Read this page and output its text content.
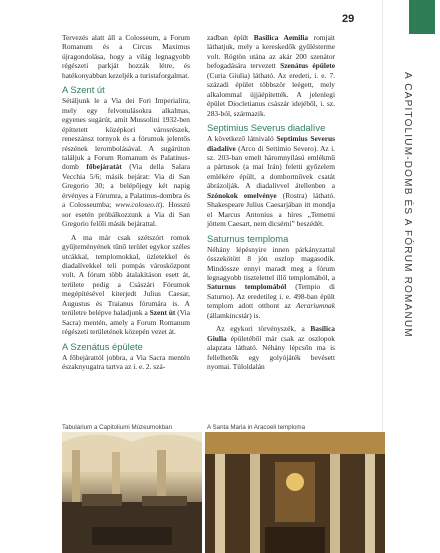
29
A CAPITOLIUM-DOMB ÉS A FÓRUM ROMANUM

Tervezés alatt áll a Colosseum, a Forum Romanum és a Circus Maximus újragondolása, hogy a világ legnagyobb régészeti parkját hozzák létre, és hatékonyabban kezeljék a turistaforgalmat.

A Szent út

Sétáljunk le a Via dei Fori Imperialira, mely egy felvonulásokra alkalmas, egyenes sugárút, amit Mussolini 1932-ben építtetett középkori városrészek, reneszánsz tornyok és a fórumok jelentős részének lerombolásával. A sugárúton találjuk a Forum Romanum és Palatinus-domb főbejáratát (Via della Salara Vecchia 5/6; másik bejárat: Via di San Gregorio 30; a belépőjegy két napig érvényes a Fórumra, a Palatinus-dombra és a Colosseumba; www.coloseo.it). Hosszú sor esetén próbálkozzunk a Via di San Gregorio felőli másik bejárattal.

A ma már csak szétszórt romok gyűjteményének tűnő terület egykor széles utcákkal, templomokkal, üzletekkel és diadalívekkel teli pompás városközpont volt. A fórum több átalakításon esett át, területe pedig a Császári Fórumok megépítésével kiterjedt Julius Caesar, Augustus és Traianus fórumára is. A területre belépve haladjunk a Szent út (Via Sacra) mentén, amely a Forum Romanum régészeti területének közepén vezet át.

A Szenátus épülete

A főbejárattól jobbra, a Via Sacra mentén északnyugatra tartva az i. e. 2. szá-

zadban épült Basilica Aemilia romjait láthatjuk, mely a kereskedők gyűlésterme volt. Rögtön utána az akár 200 szenátor befogadására tervezett Szenátus épülete (Curia Giulia) látható. Az eredeti, i. e. 7. századi épület többször leégett, mely alkalommal újjáépítették. A jelenlegi épület Diocletianus császár idejéből, i. sz. 283-ból, származik.

Septimius Severus diadalíve

A következő látnivaló Septimius Severus diadalíve (Arco di Settimio Severo). Az i. sz. 203-ban emelt háromnyílású emlékmű a pártusok (a mai Irán) feletti győzelem emlékére épült, a domborművek csatát ábrázolják. A diadalívvel átellenben a Szónokok emelvénye (Rostra) látható. Shakespeare Julius Caesarjában itt mondja el Marcus Antonius a híres „Temetni jöttem Caesart, nem dicsérni” beszédét.

Saturnus temploma

Néhány lépésnyire innen párkányzattal összekötött 8 jón oszlop magasodik. Mindössze ennyi maradt meg a fórum legnagyobb tisztelettel illő templomából, a Saturnus templomából (Tempio di Saturno). Az eredetileg i. e. 498-ban épült templom adott otthont az Aerariumnak (államkincstár) is.

Az egykori törvényszék, a Basilica Giulia épületéből már csak az oszlopok alapzata látható. Néhány lépcsőn ma is fellelhetők egy golyójáték bevésett nyomai. Túloldalán

Tabularium a Capitoliumi Múzeumokban	A Santa Maria in Aracoeli temploma
